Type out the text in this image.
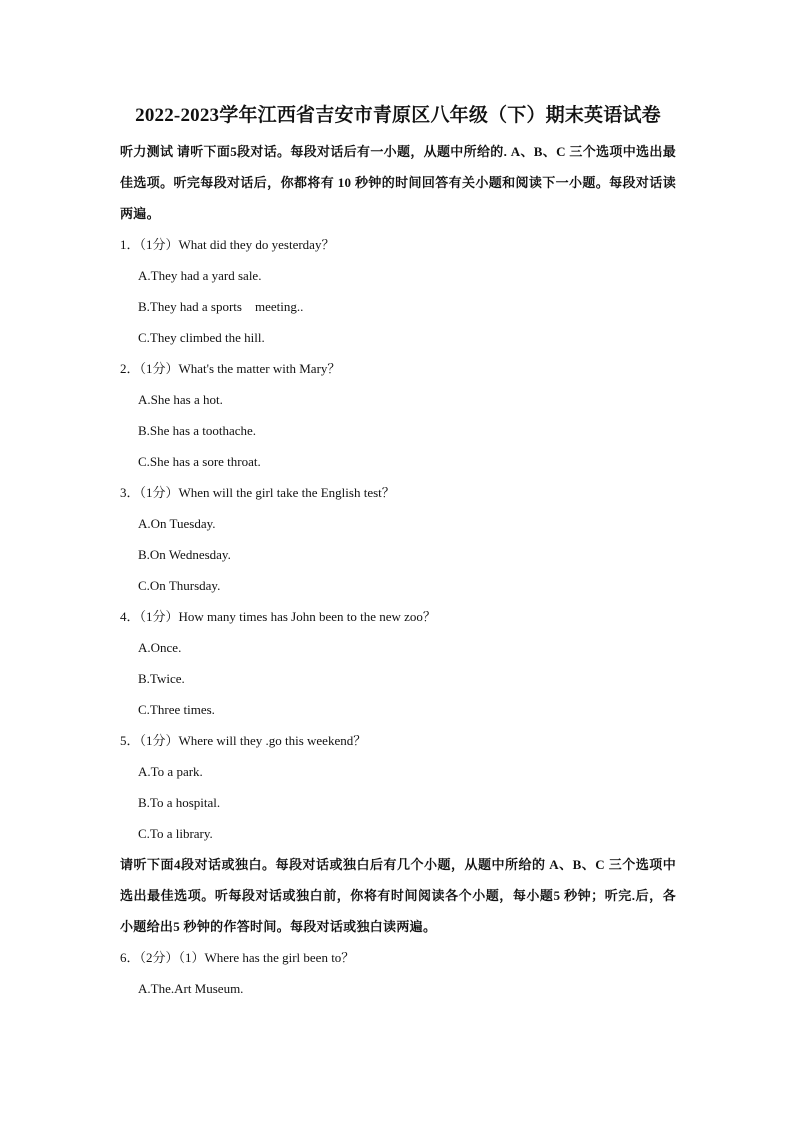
2022-2023学年江西省吉安市青原区八年级（下）期末英语试卷
听力测试 请听下面5段对话。每段对话后有一小题，从题中所给的. A、B、C 三个选项中选出最佳选项。听完每段对话后，你都将有 10 秒钟的时间回答有关小题和阅读下一小题。每段对话读两遍。
1．（1分）What did they do yesterday？
A.They had a yard sale.
B.They had a sports    meeting..
C.They climbed the hill.
2．（1分）What's the matter with Mary？
A.She has a hot.
B.She has a toothache.
C.She has a sore throat.
3．（1分）When will the girl take the English test？
A.On Tuesday.
B.On Wednesday.
C.On Thursday.
4．（1分）How many times has John been to the new zoo？
A.Once.
B.Twice.
C.Three times.
5．（1分）Where will they .go this weekend？
A.To a park.
B.To a hospital.
C.To a library.
请听下面4段对话或独白。每段对话或独白后有几个小题，从题中所给的 A、B、C 三个选项中选出最佳选项。听每段对话或独白前，你将有时间阅读各个小题，每小题5 秒钟；听完.后，各小题给出5 秒钟的作答时间。每段对话或独白读两遍。
6．（2分）（1）Where has the girl been to？
A.The.Art Museum.
